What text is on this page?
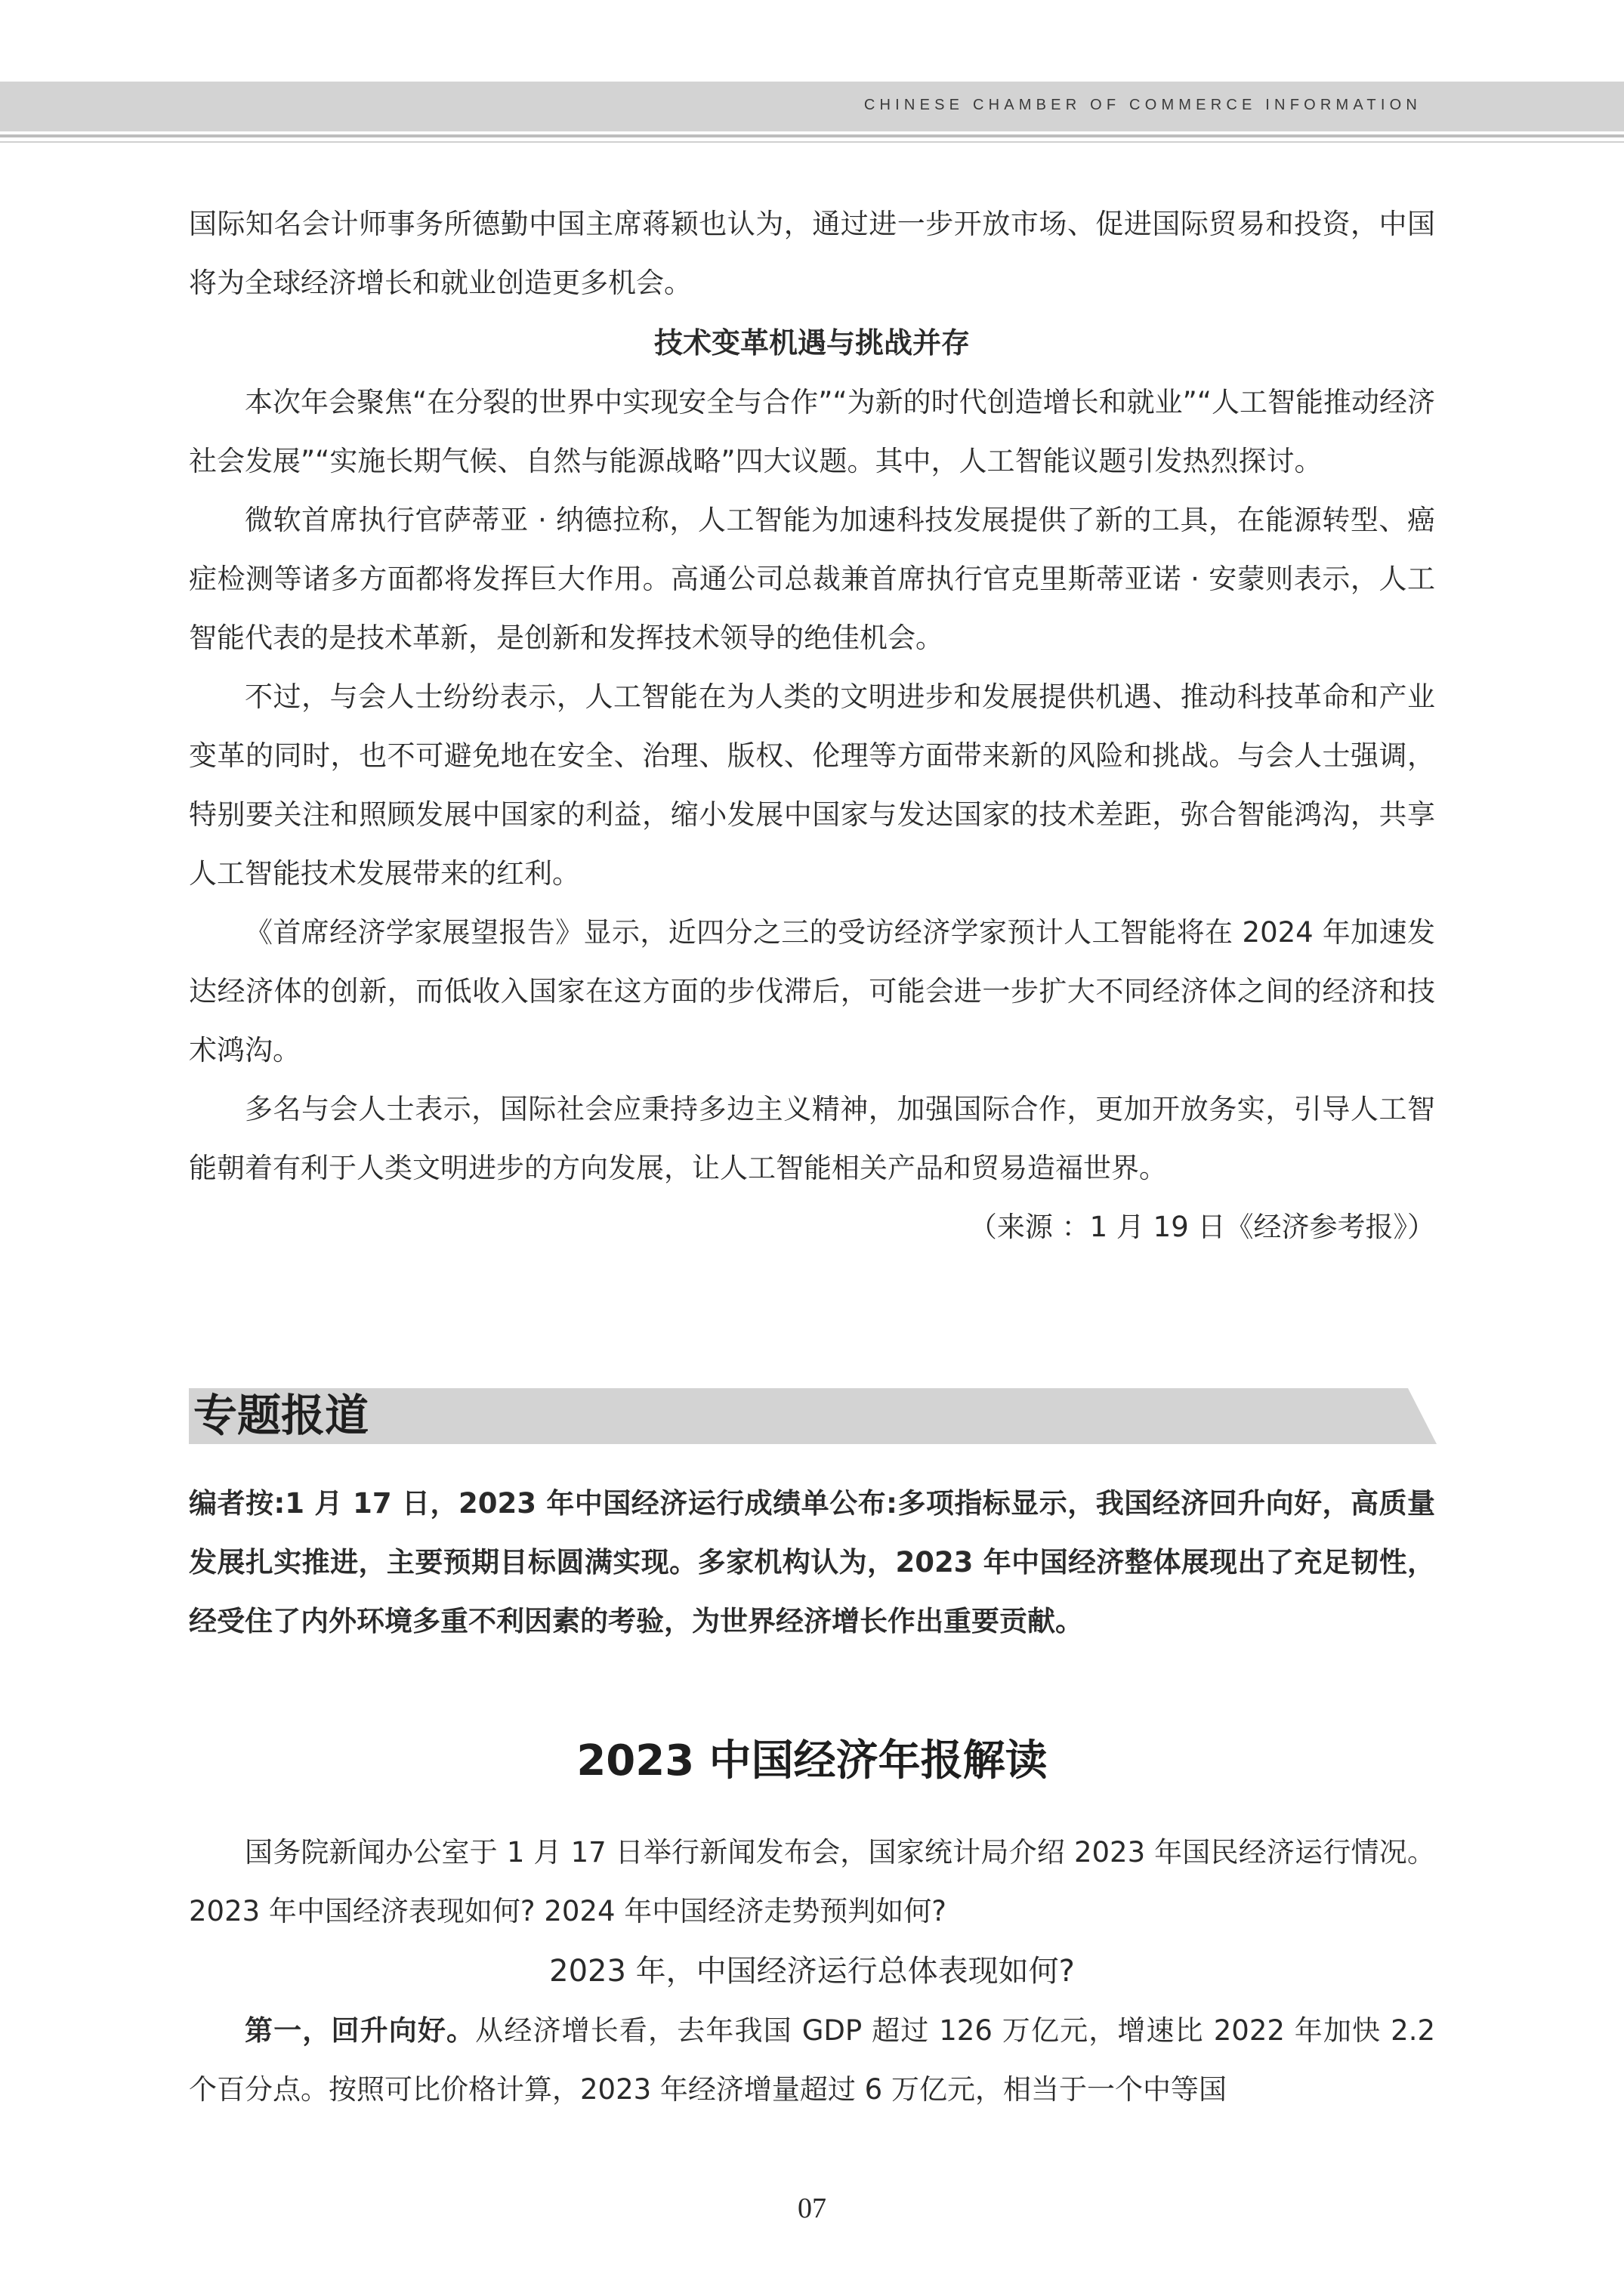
CHINESE CHAMBER OF COMMERCE INFORMATION

国际知名会计师事务所德勤中国主席蒋颖也认为，通过进一步开放市场、促进国际贸易和投资，中国将为全球经济增长和就业创造更多机会。

技术变革机遇与挑战并存

本次年会聚焦“在分裂的世界中实现安全与合作”“为新的时代创造增长和就业”“人工智能推动经济社会发展”“实施长期气候、自然与能源战略”四大议题。其中，人工智能议题引发热烈探讨。

微软首席执行官萨蒂亚 · 纳德拉称，人工智能为加速科技发展提供了新的工具，在能源转型、癌症检测等诸多方面都将发挥巨大作用。高通公司总裁兼首席执行官克里斯蒂亚诺 · 安蒙则表示，人工智能代表的是技术革新，是创新和发挥技术领导的绝佳机会。

不过，与会人士纷纷表示，人工智能在为人类的文明进步和发展提供机遇、推动科技革命和产业变革的同时，也不可避免地在安全、治理、版权、伦理等方面带来新的风险和挑战。与会人士强调，特别要关注和照顾发展中国家的利益，缩小发展中国家与发达国家的技术差距，弥合智能鸿沟，共享人工智能技术发展带来的红利。

《首席经济学家展望报告》显示，近四分之三的受访经济学家预计人工智能将在 2024 年加速发达经济体的创新，而低收入国家在这方面的步伐滞后，可能会进一步扩大不同经济体之间的经济和技术鸿沟。

多名与会人士表示，国际社会应秉持多边主义精神，加强国际合作，更加开放务实，引导人工智能朝着有利于人类文明进步的方向发展，让人工智能相关产品和贸易造福世界。

（来源 ：1 月 19 日《经济参考报》）

专题报道

编者按:1 月 17 日，2023 年中国经济运行成绩单公布:多项指标显示，我国经济回升向好，高质量发展扎实推进，主要预期目标圆满实现。多家机构认为，2023 年中国经济整体展现出了充足韧性，经受住了内外环境多重不利因素的考验，为世界经济增长作出重要贡献。

2023 中国经济年报解读

国务院新闻办公室于 1 月 17 日举行新闻发布会，国家统计局介绍 2023 年国民经济运行情况。2023 年中国经济表现如何? 2024 年中国经济走势预判如何?

2023 年，中国经济运行总体表现如何?

第一，回升向好。从经济增长看，去年我国 GDP 超过 126 万亿元，增速比 2022 年加快 2.2 个百分点。按照可比价格计算，2023 年经济增量超过 6 万亿元，相当于一个中等国

07
